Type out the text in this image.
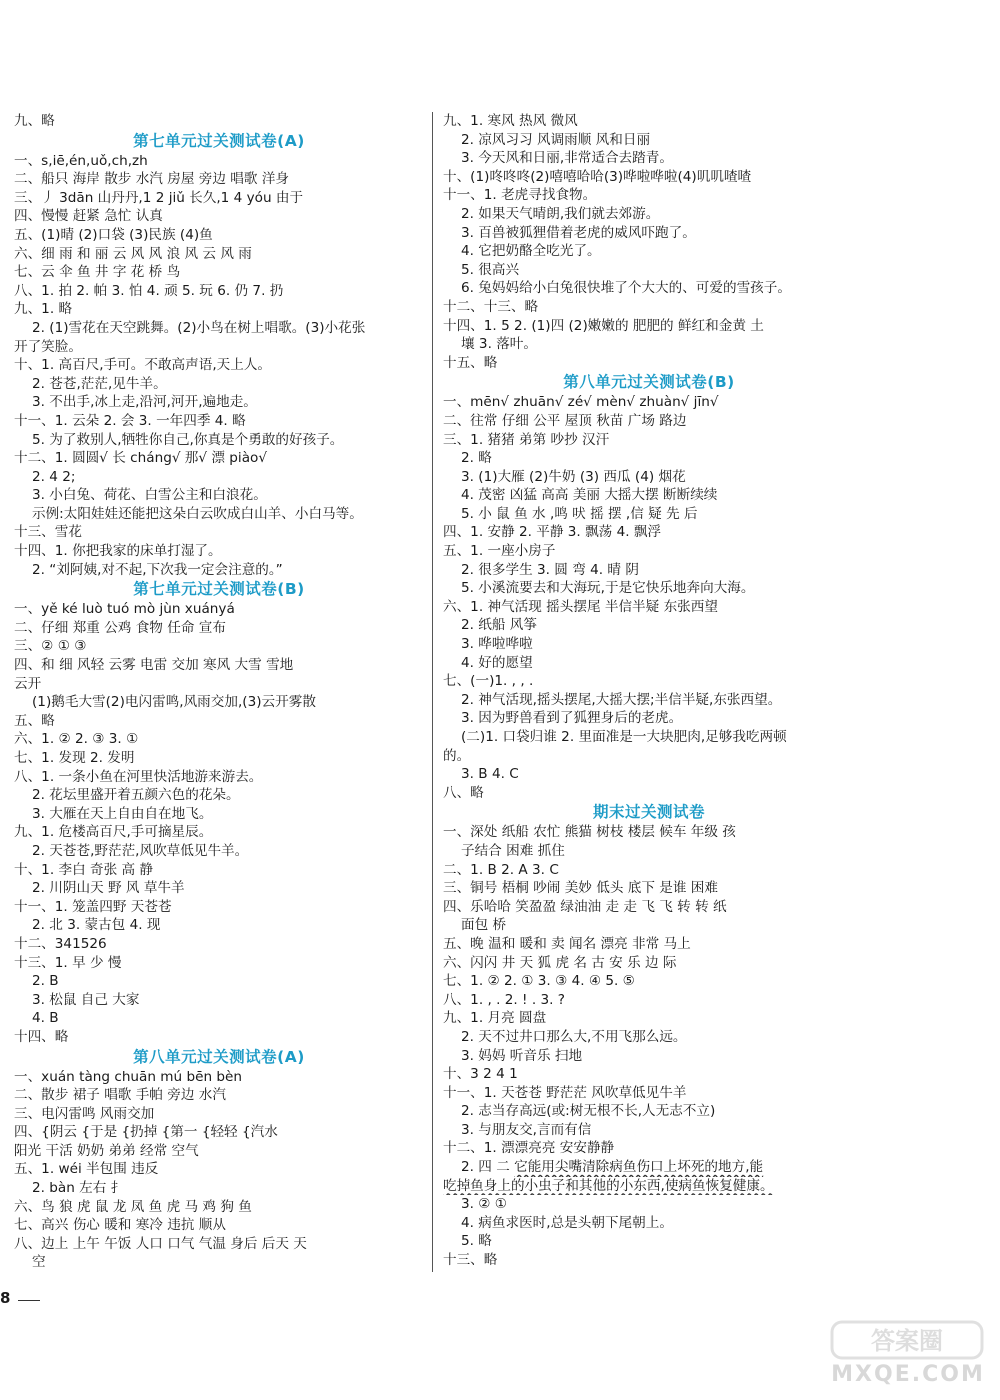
九、略
第七单元过关测试卷(A)
一、s,iē,én,uǒ,ch,zh
二、船只 海岸 散步 水汽 房屋 旁边 唱歌 洋身
三、丿 3dān 山丹丹,1 2 jiǔ 长久,1 4 yóu 由于
四、慢慢 赶紧 急忙 认真
五、(1)晴 (2)口袋 (3)民族 (4)鱼
六、细 雨 和 丽 云 风 风 浪 风 云 风 雨
七、云 伞 鱼 井 字 花 桥 鸟
八、1. 拍 2. 帕 3. 怕 4. 顽 5. 玩 6. 仍 7. 扔
九、1. 略
2. (1)雪花在天空跳舞。(2)小鸟在树上唱歌。(3)小花张
开了笑脸。
十、1. 高百尺,手可。不敢高声语,天上人。
2. 苍苍,茫茫,见牛羊。
3. 不出手,冰上走,沿河,河开,遍地走。
十一、1. 云朵 2. 会 3. 一年四季 4. 略
5. 为了救别人,牺牲你自己,你真是个勇敢的好孩子。
十二、1. 圆圆√ 长 cháng√ 那√ 漂 piào√
2. 4 2;
3. 小白兔、荷花、白雪公主和白浪花。
示例:太阳娃娃还能把这朵白云吹成白山羊、小白马等。
十三、雪花
十四、1. 你把我家的床单打湿了。
2. “刘阿姨,对不起,下次我一定会注意的。”
第七单元过关测试卷(B)
一、yě ké luò tuó mò jùn xuányá
二、仔细 郑重 公鸡 食物 任命 宣布
三、② ① ③
四、和 细 风轻 云雾 电雷 交加 寒风 大雪 雪地
云开
(1)鹅毛大雪(2)电闪雷鸣,风雨交加,(3)云开雾散
五、略
六、1. ② 2. ③ 3. ①
七、1. 发现 2. 发明
八、1. 一条小鱼在河里快活地游来游去。
2. 花坛里盛开着五颜六色的花朵。
3. 大雁在天上自由自在地飞。
九、1. 危楼高百尺,手可摘星辰。
2. 天苍苍,野茫茫,风吹草低见牛羊。
十、1. 李白 奇张 高 静
2. 川阴山天 野 风 草牛羊
十一、1. 笼盖四野 天苍苍
2. 北 3. 蒙古包 4. 现
十二、341526
十三、1. 早 少 慢
2. B
3. 松鼠 自己 大家
4. B
十四、略
第八单元过关测试卷(A)
一、xuán tàng chuān mú bēn bèn
二、散步 裙子 唱歌 手帕 旁边 水汽
三、电闪雷鸣 风雨交加
四、{阴云 {于是 {扔掉 {第一 {轻轻 {汽水
阳光 干活 奶奶 弟弟 经常 空气
五、1. wéi 半包围 违反
2. bàn 左右 扌
六、鸟 狼 虎 鼠 龙 凤 鱼 虎 马 鸡 狗 鱼
七、高兴 伤心 暖和 寒冷 违抗 顺从
八、边上 上午 午饭 人口 口气 气温 身后 后天 天
空
九、1. 寒风 热风 微风
2. 凉风习习 风调雨顺 风和日丽
3. 今天风和日丽,非常适合去踏青。
十、(1)咚咚咚(2)嘻嘻哈哈(3)哗啦哗啦(4)叽叽喳喳
十一、1. 老虎寻找食物。
2. 如果天气晴朗,我们就去郊游。
3. 百兽被狐狸借着老虎的威风吓跑了。
4. 它把奶酪全吃光了。
5. 很高兴
6. 兔妈妈给小白兔很快堆了个大大的、可爱的雪孩子。
十二、十三、略
十四、1. 5 2. (1)四 (2)嫩嫩的 肥肥的 鲜红和金黄 土
壤 3. 落叶。
十五、略
第八单元过关测试卷(B)
一、mēn√ zhuān√ zé√ mèn√ zhuàn√ jīn√
二、往常 仔细 公平 屋顶 秋苗 广场 路边
三、1. 猪猪 弟第 吵抄 汉汗
2. 略
3. (1)大雁 (2)牛奶 (3) 西瓜 (4) 烟花
4. 茂密 凶猛 高高 美丽 大摇大摆 断断续续
5. 小 鼠 鱼 水 ,鸣 吠 摇 摆 ,信 疑 先 后
四、1. 安静 2. 平静 3. 飘荡 4. 飘浮
五、1. 一座小房子
2. 很多学生 3. 圆 弯 4. 晴 阴
5. 小溪流要去和大海玩,于是它快乐地奔向大海。
六、1. 神气活现 摇头摆尾 半信半疑 东张西望
2. 纸船 风筝
3. 哗啦哗啦
4. 好的愿望
七、(一)1. , , .
2. 神气活现,摇头摆尾,大摇大摆;半信半疑,东张西望。
3. 因为野兽看到了狐狸身后的老虎。
(二)1. 口袋归谁 2. 里面准是一大块肥肉,足够我吃两顿
的。
3. B 4. C
八、略
期末过关测试卷
一、深处 纸船 农忙 熊猫 树枝 楼层 候车 年级 孩
子结合 困难 抓住
二、1. B 2. A 3. C
三、铜号 梧桐 吵闹 美妙 低头 底下 是谁 困难
四、乐哈哈 笑盈盈 绿油油 走 走 飞 飞 转 转 纸
面包 桥
五、晚 温和 暖和 卖 闻名 漂亮 非常 马上
六、闪闪 井 天 狐 虎 名 古 安 乐 边 际
七、1. ② 2. ① 3. ③ 4. ④ 5. ⑤
八、1. , . 2. ! . 3. ?
九、1. 月亮 圆盘
2. 天不过井口那么大,不用飞那么远。
3. 妈妈 听音乐 扫地
十、3 2 4 1
十一、1. 天苍苍 野茫茫 风吹草低见牛羊
2. 志当存高远(或:树无根不长,人无志不立)
3. 与朋友交,言而有信
十二、1. 漂漂亮亮 安安静静
2. 四 二 它能用尖嘴清除病鱼伤口上坏死的地方,能
吃掉鱼身上的小虫子和其他的小东西,使病鱼恢复健康。
3. ② ①
4. 病鱼求医时,总是头朝下尾朝上。
5. 略
十三、略
8
答案圈
MXQE.COM
